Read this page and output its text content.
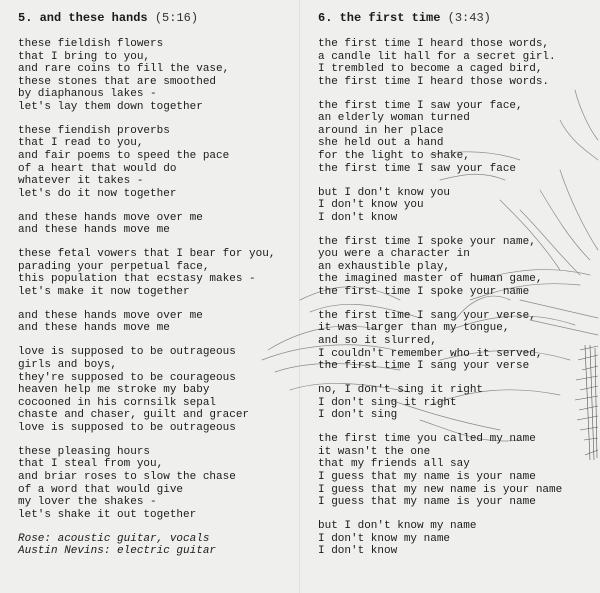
5. and these hands (5:16)
these fieldish flowers
that I bring to you,
and rare coins to fill the vase,
these stones that are smoothed
by diaphanous lakes -
let's lay them down together
these fiendish proverbs
that I read to you,
and fair poems to speed the pace
of a heart that would do
whatever it takes -
let's do it now together
and these hands move over me
and these hands move me
these fetal vowers that I bear for you,
parading your perpetual face,
this population that ecstasy makes -
let's make it now together
and these hands move over me
and these hands move me
love is supposed to be outrageous
girls and boys,
they're supposed to be courageous
heaven help me stroke my baby
cocooned in his cornsilk sepal
chaste and chaser, guilt and gracer
love is supposed to be outrageous
these pleasing hours
that I steal from you,
and briar roses to slow the chase
of a word that would give
my lover the shakes -
let's shake it out together
Rose: acoustic guitar, vocals
Austin Nevins: electric guitar
6. the first time (3:43)
the first time I heard those words,
a candle lit hall for a secret girl.
I trembled to become a caged bird,
the first time I heard those words.
the first time I saw your face,
an elderly woman turned
around in her place
she held out a hand
for the light to shake,
the first time I saw your face
but I don't know you
I don't know you
I don't know
the first time I spoke your name,
you were a character in
an exhaustible play,
the imagined master of human game,
the first time I spoke your name
the first time I sang your verse,
it was larger than my tongue,
and so it slurred,
I couldn't remember who it served,
the first time I sang your verse
no, I don't sing it right
I don't sing it right
I don't sing
the first time you called my name
it wasn't the one
that my friends all say
I guess that my name is your name
I guess that my new name is your name
I guess that my name is your name
but I don't know my name
I don't know my name
I don't know
